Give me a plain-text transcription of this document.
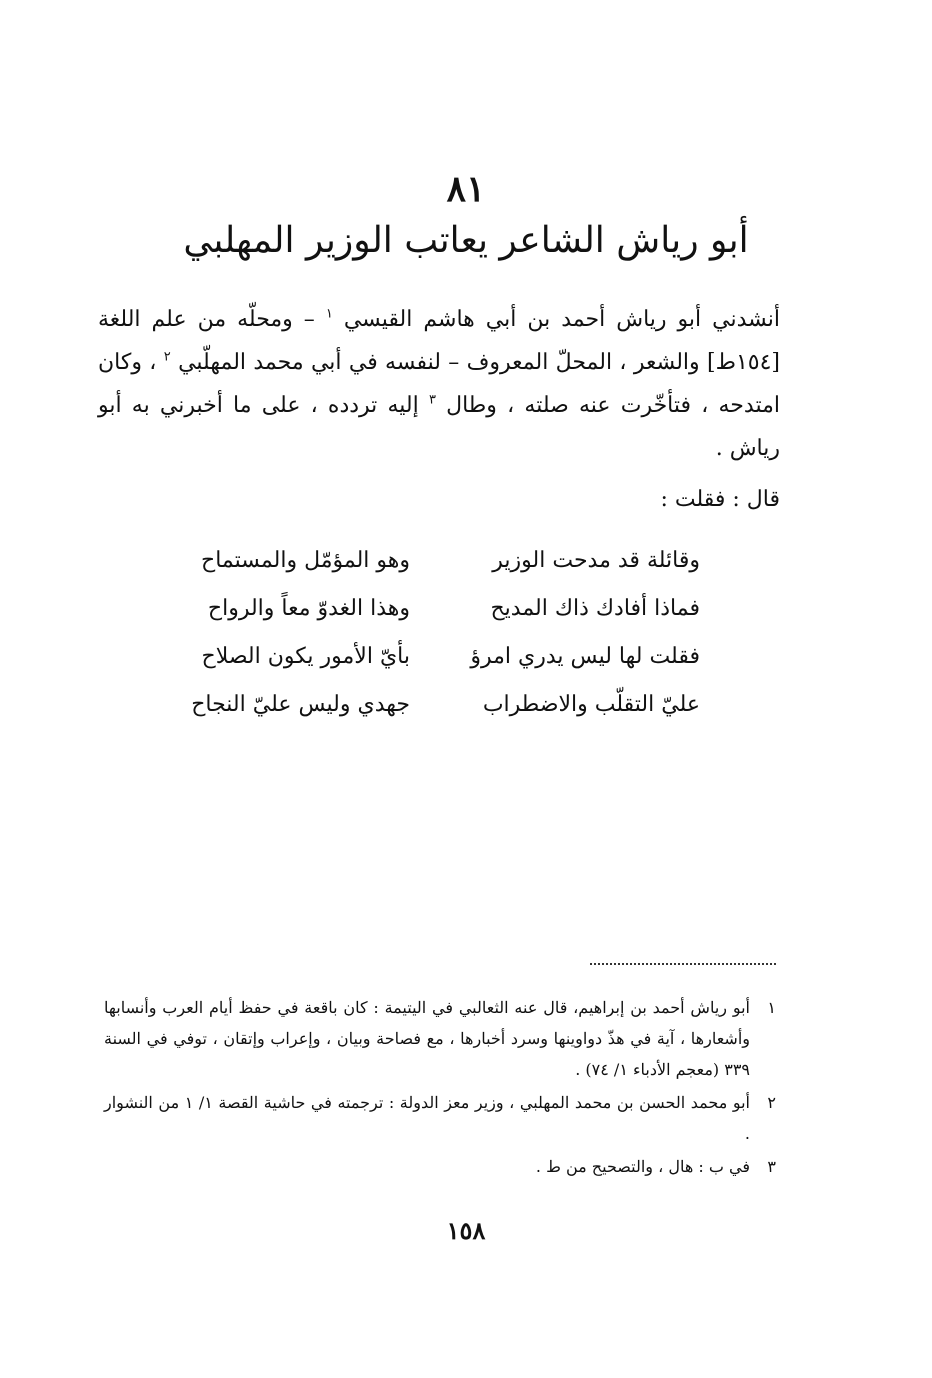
٨١
أبو رياش الشاعر يعاتب الوزير المهلبي
أنشدني أبو رياش أحمد بن أبي هاشم القيسي $^١$ – ومحلّه من علم اللغة [١٥٤ط] والشعر ، المحلّ المعروف – لنفسه في أبي محمد المهلّبي $^٢$ ، وكان امتدحه ، فتأخّرت عنه صلته ، وطال $^٣$ إليه تردده ، على ما أخبرني به أبو رياش .
قال : فقلت :
وقائلة قد مدحت الوزير
وهو المؤمّل والمستماح
فماذا أفادك ذاك المديح
وهذا الغدوّ معاً والرواح
فقلت لها ليس يدري امرؤ
بأيّ الأمور يكون الصلاح
عليّ التقلّب والاضطراب
جهدي وليس عليّ النجاح
١
أبو رياش أحمد بن إبراهيم، قال عنه الثعالبي في اليتيمة : كان باقعة في حفظ أيام العرب وأنسابها وأشعارها ، آية في هذّ دواوينها وسرد أخبارها ، مع فصاحة وبيان ، وإعراب وإتقان ، توفي في السنة ٣٣٩ (معجم الأدباء ١/ ٧٤) .
٢
أبو محمد الحسن بن محمد المهلبي ، وزير معز الدولة : ترجمته في حاشية القصة ١/ ١ من النشوار .
٣
في ب : هال ، والتصحيح من ط .
١٥٨
